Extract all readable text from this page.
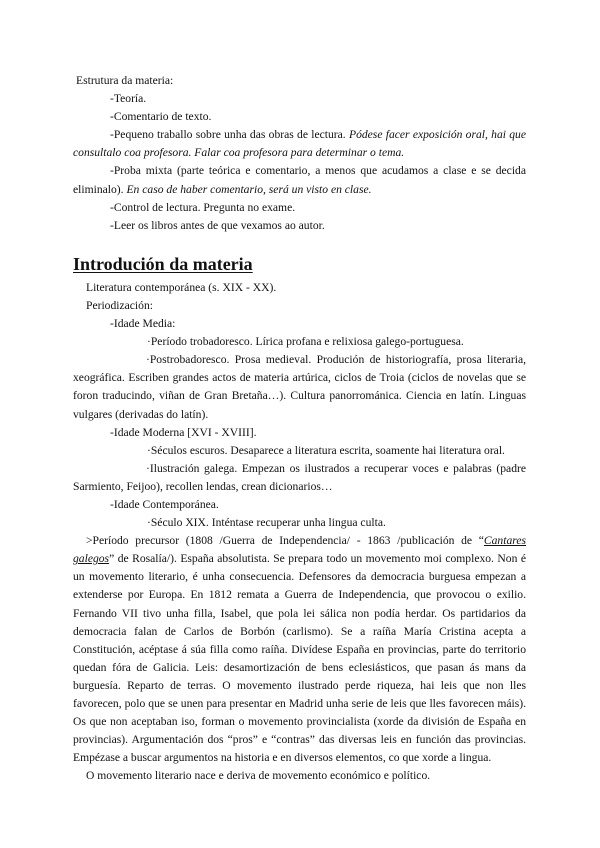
Estrutura da materia:

-Teoría.

-Comentario de texto.

-Pequeno traballo sobre unha das obras de lectura. Pódese facer exposición oral, hai que consultalo coa profesora. Falar coa profesora para determinar o tema.

-Proba mixta (parte teórica e comentario, a menos que acudamos a clase e se decida eliminalo). En caso de haber comentario, será un visto en clase.

-Control de lectura. Pregunta no exame.

-Leer os libros antes de que vexamos ao autor.

Introdución da materia

Literatura contemporánea (s. XIX - XX).

Periodización:

-Idade Media:

·Período trobadoresco. Lírica profana e relixiosa galego-portuguesa.

·Postrobadoresco. Prosa medieval. Produción de historiografía, prosa literaria, xeográfica. Escriben grandes actos de materia artúrica, ciclos de Troia (ciclos de novelas que se foron traducindo, viñan de Gran Bretaña…). Cultura panorrománica. Ciencia en latín. Linguas vulgares (derivadas do latín).

-Idade Moderna [XVI - XVIII].

·Séculos escuros. Desaparece a literatura escrita, soamente hai literatura oral.

·Ilustración galega. Empezan os ilustrados a recuperar voces e palabras (padre Sarmiento, Feijoo), recollen lendas, crean dicionarios…

-Idade Contemporánea.

·Século XIX. Inténtase recuperar unha lingua culta.

>Período precursor (1808 /Guerra de Independencia/ - 1863 /publicación de “Cantares galegos” de Rosalía/). España absolutista. Se prepara todo un movemento moi complexo. Non é un movemento literario, é unha consecuencia. Defensores da democracia burguesa empezan a extenderse por Europa. En 1812 remata a Guerra de Independencia, que provocou o exilio. Fernando VII tivo unha filla, Isabel, que pola lei sálica non podía herdar. Os partidarios da democracia falan de Carlos de Borbón (carlismo). Se a raíña María Cristina acepta a Constitución, acéptase á súa filla como raíña. Divídese España en provincias, parte do territorio quedan fóra de Galicia. Leis: desamortización de bens eclesiásticos, que pasan ás mans da burguesía. Reparto de terras. O movemento ilustrado perde riqueza, hai leis que non lles favorecen, polo que se unen para presentar en Madrid unha serie de leis que lles favorecen máis). Os que non aceptaban iso, forman o movemento provincialista (xorde da división de España en provincias). Argumentación dos “pros” e “contras” das diversas leis en función das provincias. Empézase a buscar argumentos na historia e en diversos elementos, co que xorde a lingua.

O movemento literario nace e deriva de movemento económico e político.
